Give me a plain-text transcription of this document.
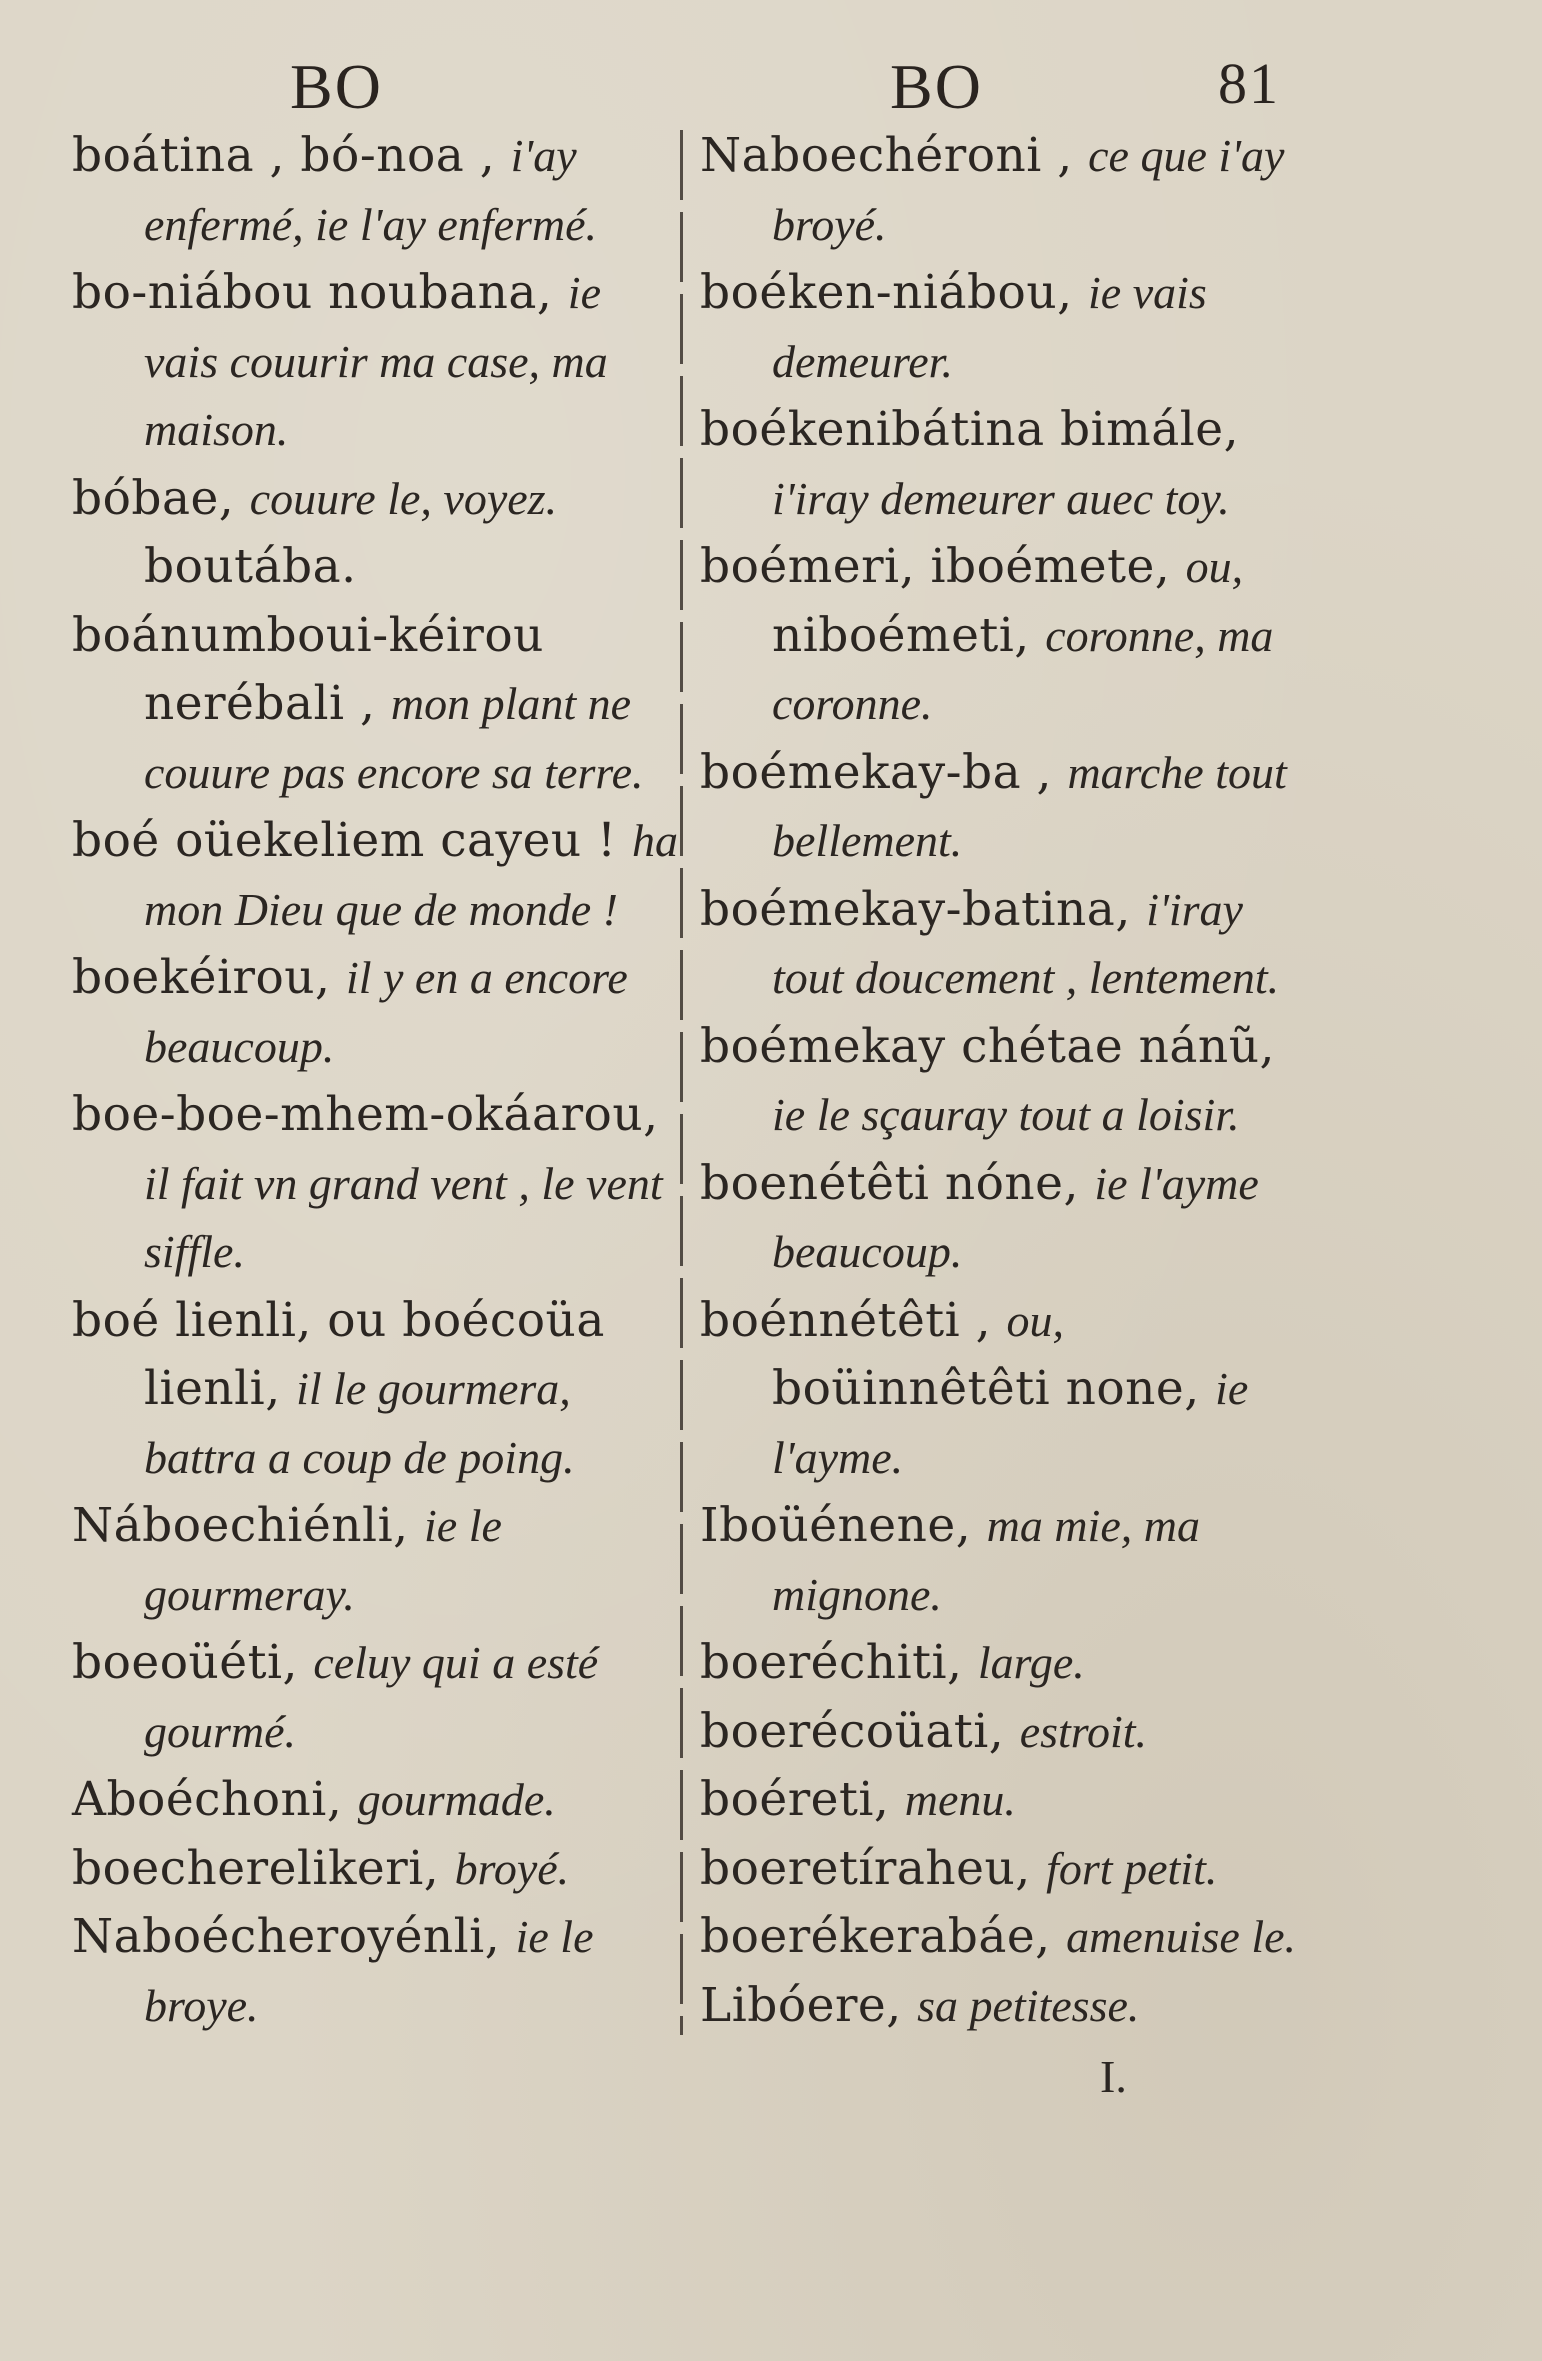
BO	BO	81

boátina , bó-noa , i'ay enfermé, ie l'ay enfermé.

bo-niábou noubana, ie vais couurir ma case, ma maison.

bóbae, couure le, voyez. boutába.

boánumboui-kéirou nerébali , mon plant ne couure pas encore sa terre.

boé oüekeliem cayeu ! ha mon Dieu que de monde !

boekéirou, il y en a encore beaucoup.

boe-boe-mhem-okáarou, il fait vn grand vent , le vent siffle.

boé lienli, ou boécoüa lienli, il le gourmera, battra a coup de poing.

Náboechiénli, ie le gourmeray.

boeoüéti, celuy qui a esté gourmé.

Aboéchoni, gourmade.

boecherelikeri, broyé.

Naboécheroyénli, ie le broye.

Naboechéroni , ce que i'ay broyé.

boéken-niábou, ie vais demeurer.

boékenibátina bimále, i'iray demeurer auec toy.

boémeri, iboémete, ou, niboémeti, coronne, ma coronne.

boémekay-ba , marche tout bellement.

boémekay-batina, i'iray tout doucement , lentement.

boémekay chétae nánũ, ie le sçauray tout a loisir.

boenétêti nóne, ie l'ayme beaucoup.

boénnétêti , ou, boüinnêtêti none, ie l'ayme.

Iboüénene, ma mie, ma mignone.

boeréchiti, large.

boerécoüati, estroit.

boéreti, menu.

boeretíraheu, fort petit.

boerékerabáe, amenuise le.

Libóere, sa petitesse.

I.
